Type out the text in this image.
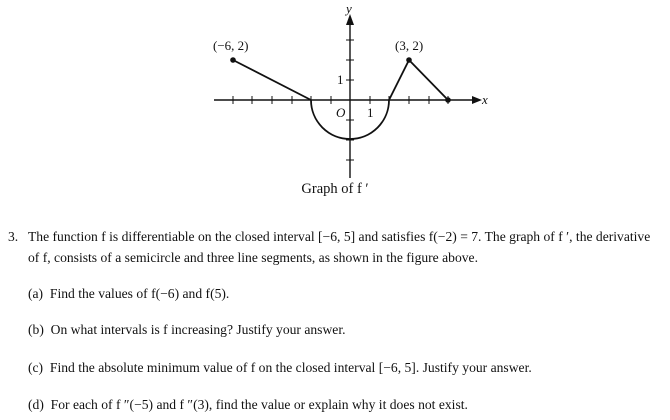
y
x
O 1
1
(−6, 2)	(3, 2)
Graph of f ′
3. The function f is differentiable on the closed interval [−6, 5] and satisfies f(−2) = 7. The graph of f ′, the derivative of f, consists of a semicircle and three line segments, as shown in the figure above.
(a) Find the values of f(−6) and f(5).
(b) On what intervals is f increasing? Justify your answer.
(c) Find the absolute minimum value of f on the closed interval [−6, 5]. Justify your answer.
(d) For each of f ″(−5) and f ″(3), find the value or explain why it does not exist.
